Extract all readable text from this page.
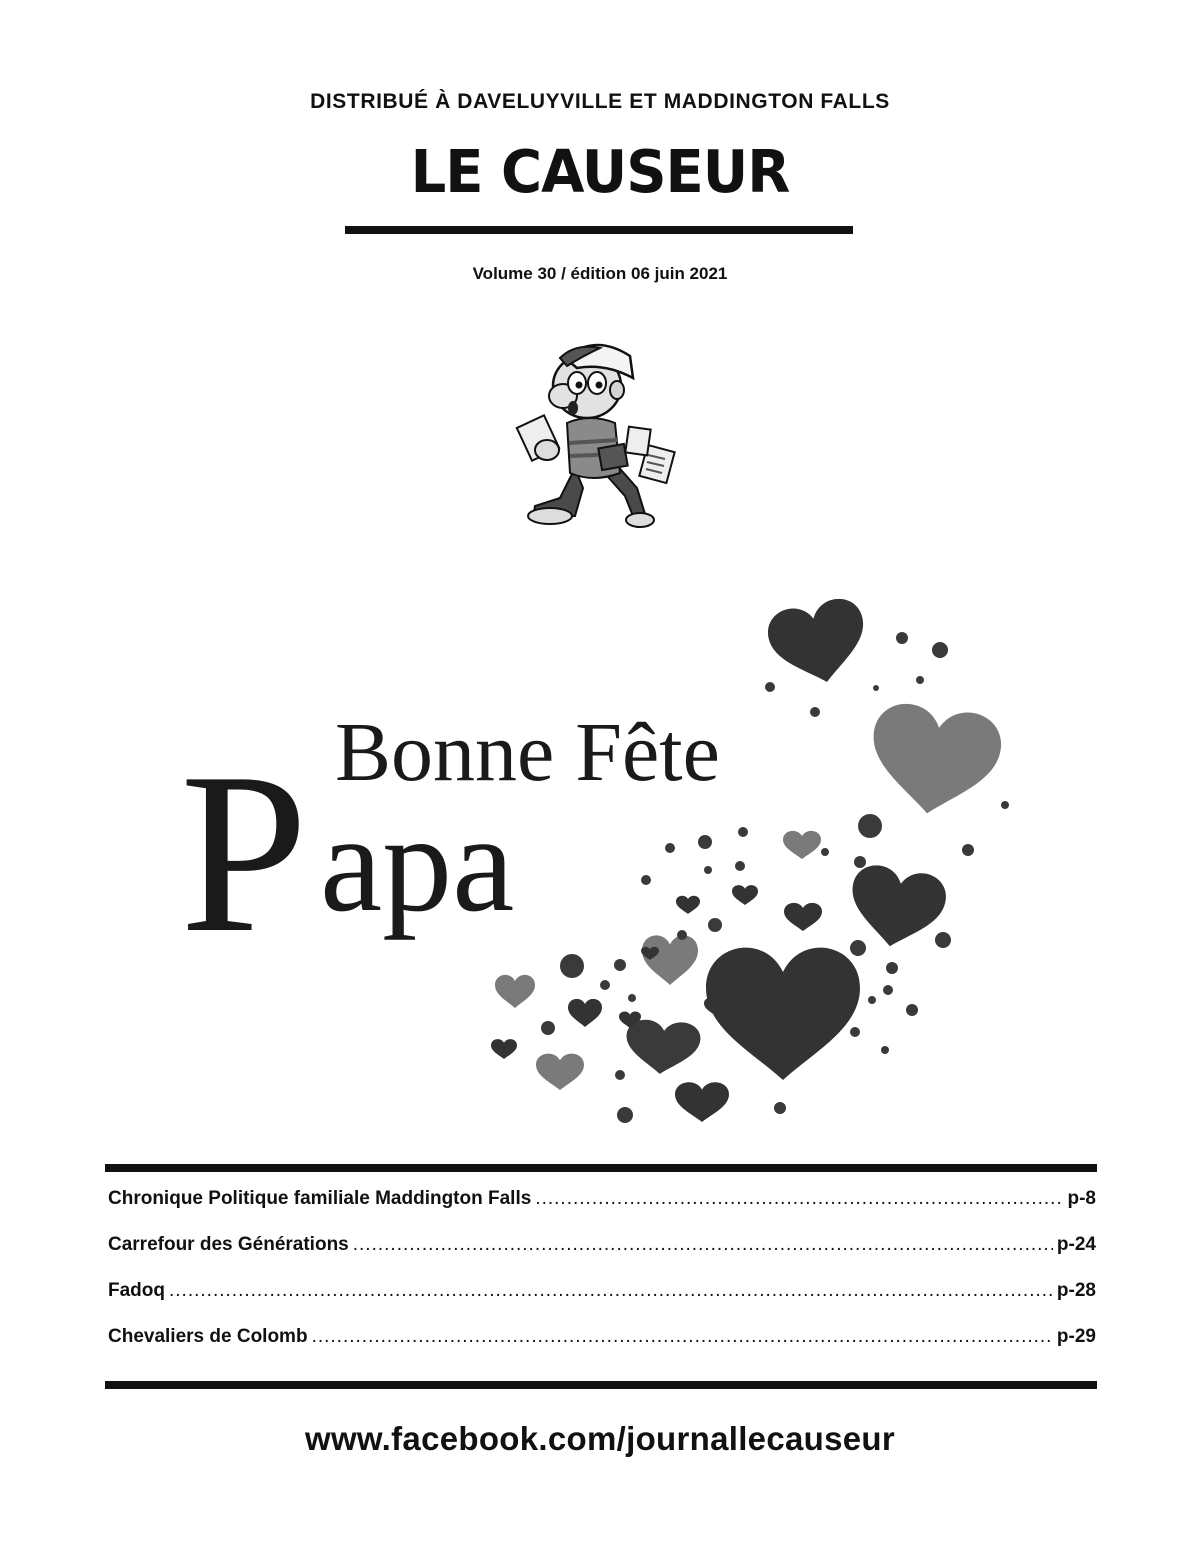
DISTRIBUÉ À DAVELUYVILLE ET MADDINGTON FALLS
LE CAUSEUR
Volume 30 / édition 06 juin 2021
Bonne Fête
P apa
Chronique Politique familiale Maddington Falls .....	p-8
Carrefour des Générations .....	p-24
Fadoq .....	p-28
Chevaliers de Colomb .....	p-29
www.facebook.com/journallecauseur
